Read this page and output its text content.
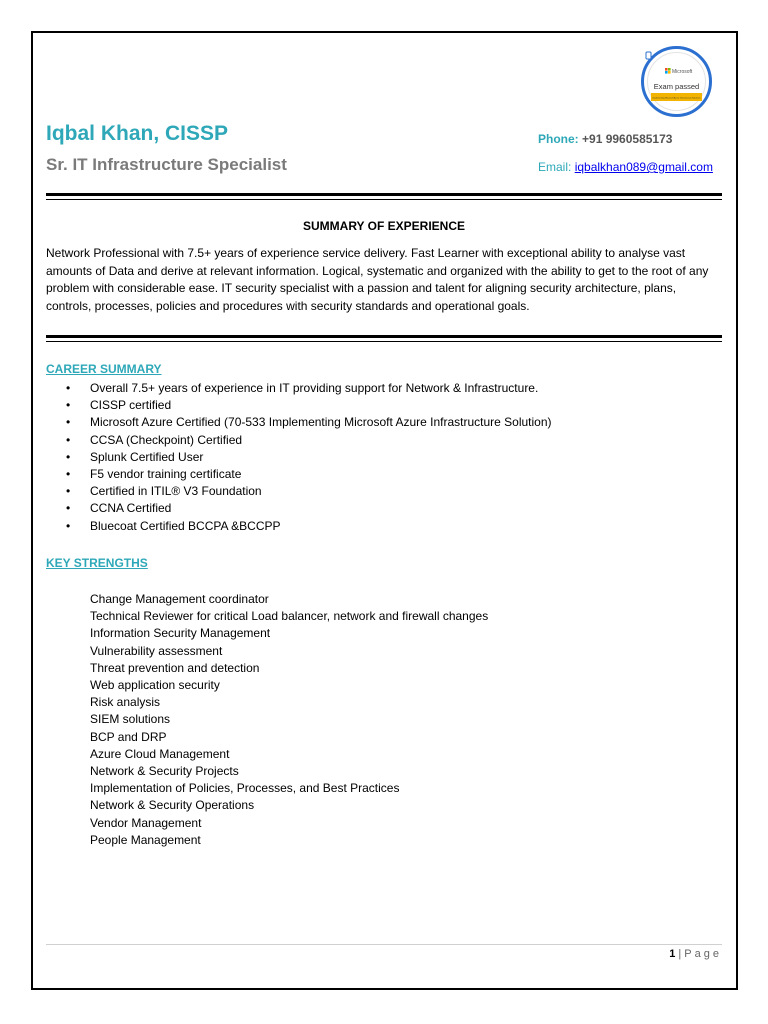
Microsoft
Exam passed
Implementing Microsoft Azure Infrastructure Solutions
Iqbal Khan, CISSP
Sr. IT Infrastructure Specialist
Phone: +91 9960585173
Email: iqbalkhan089@gmail.com
SUMMARY OF EXPERIENCE
Network Professional with 7.5+ years of experience service delivery. Fast Learner with exceptional ability to analyse vast amounts of Data and derive at relevant information. Logical, systematic and organized with the ability to get to the root of any problem with considerable ease. IT security specialist with a passion and talent for aligning security architecture, plans, controls, processes, policies and procedures with security standards and operational goals.
CAREER SUMMARY
• Overall 7.5+ years of experience in IT providing support for Network & Infrastructure.
• CISSP certified
• Microsoft Azure Certified (70-533 Implementing Microsoft Azure Infrastructure Solution)
• CCSA (Checkpoint) Certified
• Splunk Certified User
• F5 vendor training certificate
• Certified in ITIL® V3 Foundation
• CCNA Certified
• Bluecoat Certified BCCPA &BCCPP
KEY STRENGTHS
Change Management coordinator
Technical Reviewer for critical Load balancer, network and firewall changes
Information Security Management
Vulnerability assessment
Threat prevention and detection
Web application security
Risk analysis
SIEM solutions
BCP and DRP
Azure Cloud Management
Network & Security Projects
Implementation of Policies, Processes, and Best Practices
Network & Security Operations
Vendor Management
People Management
1 | Page
